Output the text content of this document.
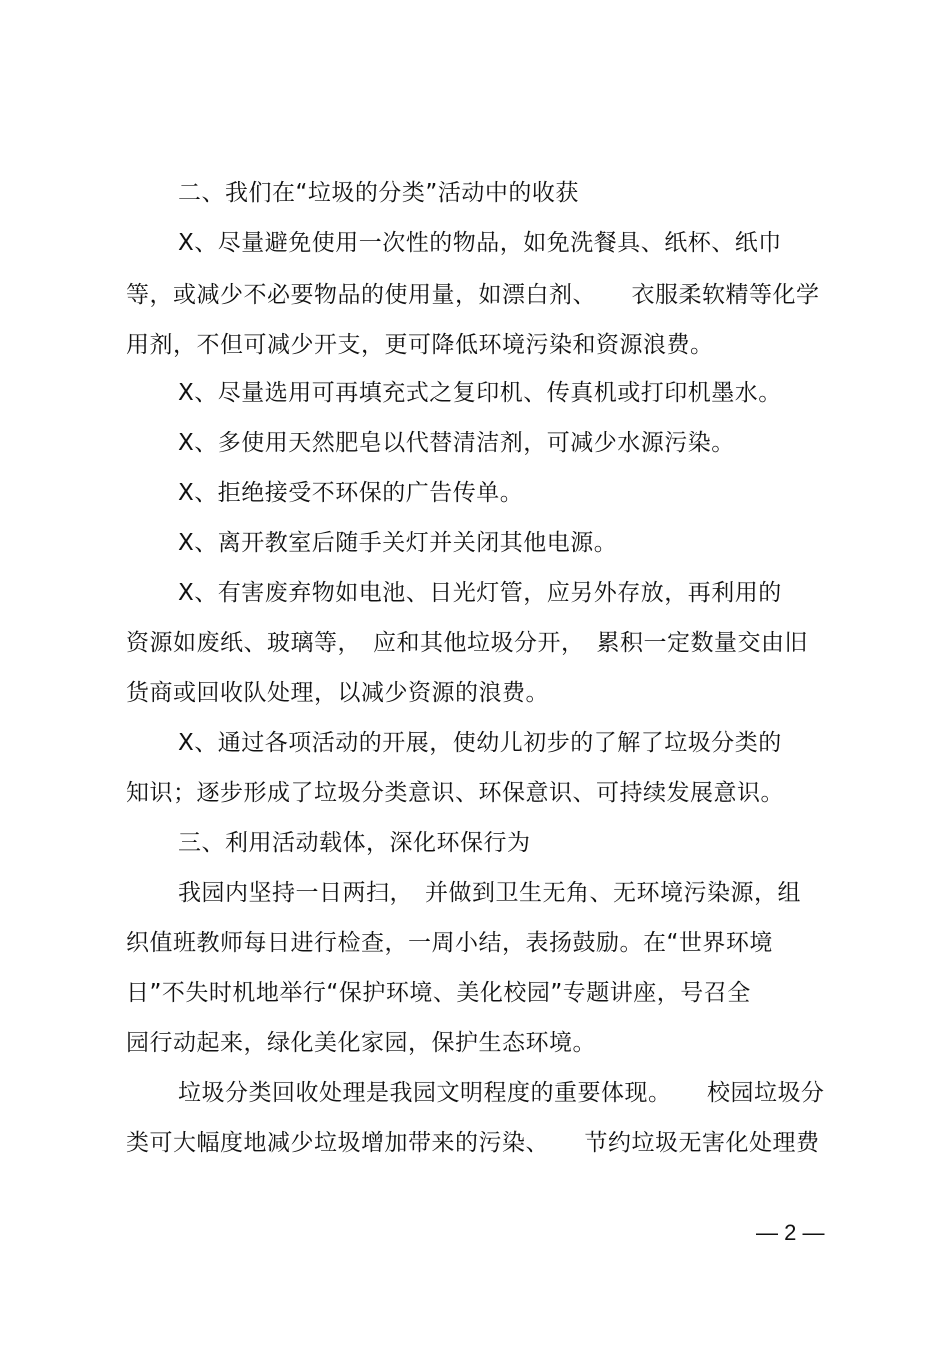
二、我们在“垃圾的分类”活动中的收获
X、尽量避免使用一次性的物品，如免洗餐具、纸杯、纸巾
等，或减少不必要物品的使用量，如漂白剂、　　衣服柔软精等化学
用剂，不但可减少开支，更可降低环境污染和资源浪费。
X、尽量选用可再填充式之复印机、传真机或打印机墨水。
X、多使用天然肥皂以代替清洁剂，可减少水源污染。
X、拒绝接受不环保的广告传单。
X、离开教室后随手关灯并关闭其他电源。
X、有害废弃物如电池、日光灯管，应另外存放，再利用的
资源如废纸、玻璃等，　应和其他垃圾分开，　累积一定数量交由旧
货商或回收队处理，以减少资源的浪费。
X、通过各项活动的开展，使幼儿初步的了解了垃圾分类的
知识；逐步形成了垃圾分类意识、环保意识、可持续发展意识。
三、利用活动载体，深化环保行为
我园内坚持一日两扫，　并做到卫生无角、无环境污染源，组
织值班教师每日进行检查，一周小结，表扬鼓励。在“世界环境
日”不失时机地举行“保护环境、美化校园”专题讲座，号召全
园行动起来，绿化美化家园，保护生态环境。
垃圾分类回收处理是我园文明程度的重要体现。　　校园垃圾分
类可大幅度地减少垃圾增加带来的污染、　　节约垃圾无害化处理费
— 2 —
